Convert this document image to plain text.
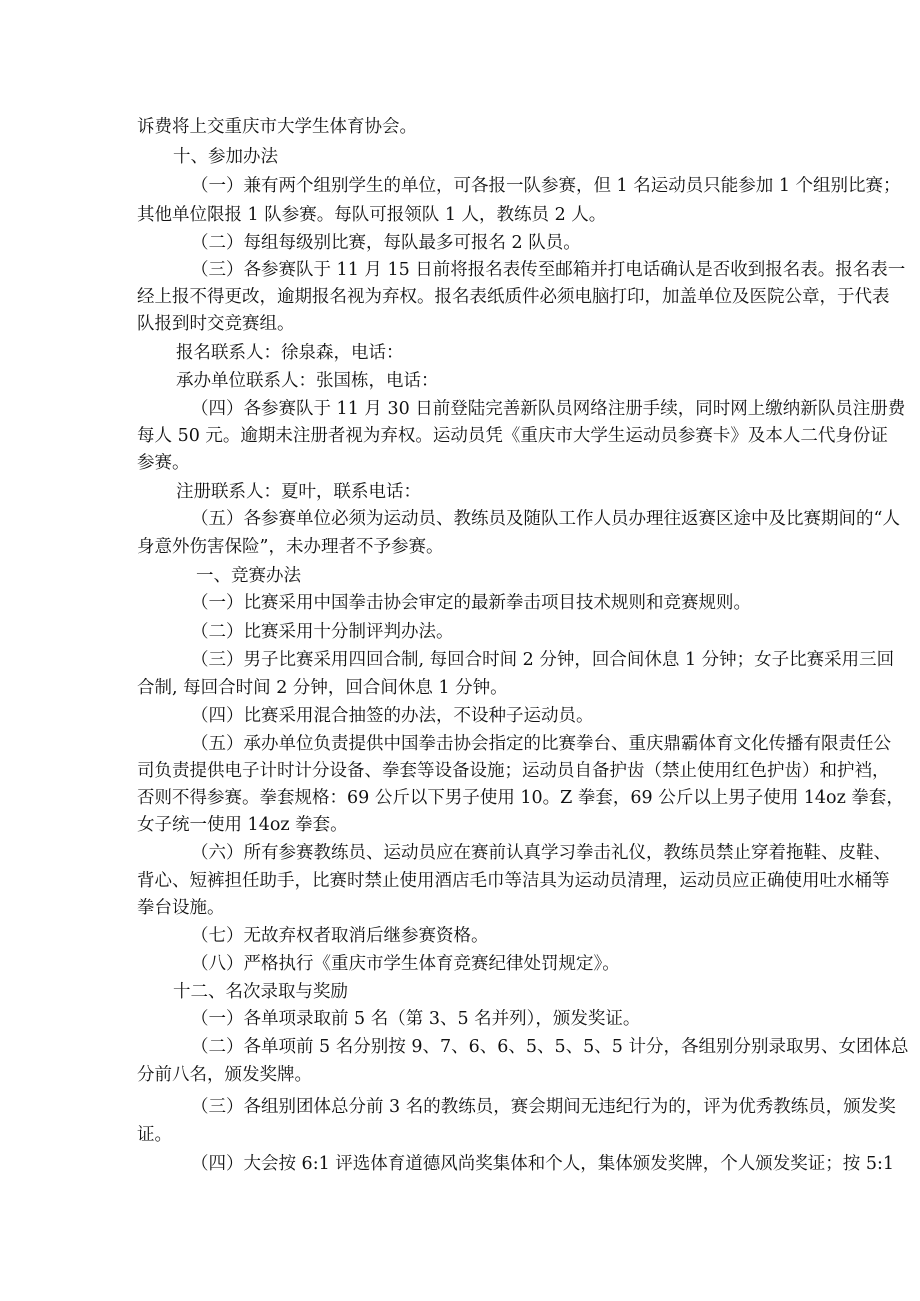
诉费将上交重庆市大学生体育协会。
十、参加办法
（一）兼有两个组别学生的单位，可各报一队参赛，但 1 名运动员只能参加 1 个组别比赛；
其他单位限报 1 队参赛。每队可报领队 1 人，教练员 2 人。
（二）每组每级别比赛，每队最多可报名 2 队员。
（三）各参赛队于 11 月 15 日前将报名表传至邮箱并打电话确认是否收到报名表。报名表一
经上报不得更改，逾期报名视为弃权。报名表纸质件必须电脑打印，加盖单位及医院公章，于代表
队报到时交竞赛组。
报名联系人：徐泉森，电话：
承办单位联系人：张国栋，电话：
（四）各参赛队于 11 月 30 日前登陆完善新队员网络注册手续，同时网上缴纳新队员注册费
每人 50 元。逾期未注册者视为弃权。运动员凭《重庆市大学生运动员参赛卡》及本人二代身份证
参赛。
注册联系人：夏叶，联系电话：
（五）各参赛单位必须为运动员、教练员及随队工作人员办理往返赛区途中及比赛期间的“人
身意外伤害保险”，未办理者不予参赛。
一、竞赛办法
（一）比赛采用中国拳击协会审定的最新拳击项目技术规则和竞赛规则。
（二）比赛采用十分制评判办法。
（三）男子比赛采用四回合制, 每回合时间 2 分钟，回合间休息 1 分钟；女子比赛采用三回
合制, 每回合时间 2 分钟，回合间休息 1 分钟。
（四）比赛采用混合抽签的办法，不设种子运动员。
（五）承办单位负责提供中国拳击协会指定的比赛拳台、重庆鼎霸体育文化传播有限责任公
司负责提供电子计时计分设备、拳套等设备设施；运动员自备护齿（禁止使用红色护齿）和护裆，
否则不得参赛。拳套规格：69 公斤以下男子使用 10。Z 拳套，69 公斤以上男子使用 14oz 拳套，
女子统一使用 14oz 拳套。
（六）所有参赛教练员、运动员应在赛前认真学习拳击礼仪，教练员禁止穿着拖鞋、皮鞋、
背心、短裤担任助手，比赛时禁止使用酒店毛巾等洁具为运动员清理，运动员应正确使用吐水桶等
拳台设施。
（七）无故弃权者取消后继参赛资格。
（八）严格执行《重庆市学生体育竞赛纪律处罚规定》。
十二、名次录取与奖励
（一）各单项录取前 5 名（第 3、5 名并列），颁发奖证。
（二）各单项前 5 名分别按 9、7、6、6、5、5、5、5 计分，各组别分别录取男、女团体总
分前八名，颁发奖牌。
（三）各组别团体总分前 3 名的教练员，赛会期间无违纪行为的，评为优秀教练员，颁发奖
证。
（四）大会按 6:1 评选体育道德风尚奖集体和个人，集体颁发奖牌，个人颁发奖证；按 5:1
